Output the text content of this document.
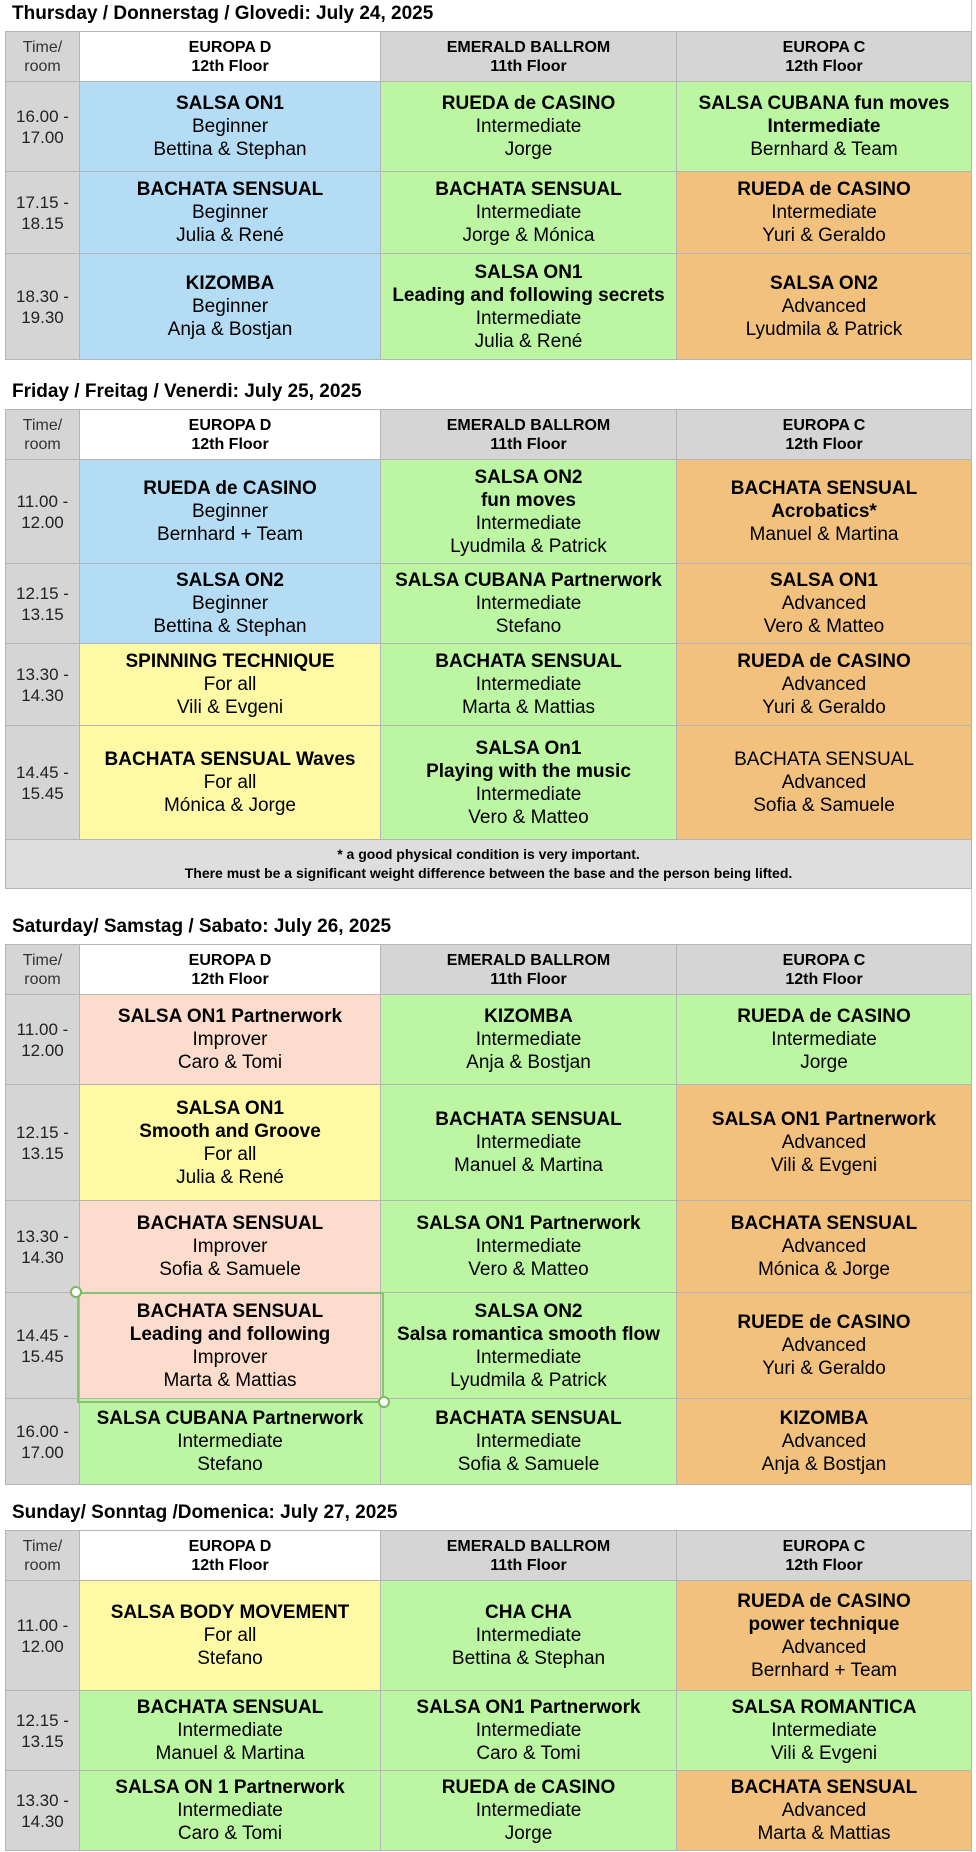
Thursday / Donnerstag / Glovedi: July 24, 2025
Time/
room	EUROPA D
12th Floor	EMERALD BALLROM
11th Floor	EUROPA C
12th Floor

16.00 -
17.00	SALSA ON1
Beginner
Bettina & Stephan	RUEDA de CASINO
Intermediate
Jorge	SALSA CUBANA fun moves
Intermediate
Bernhard & Team

17.15 -
18.15	BACHATA SENSUAL
Beginner
Julia & René	BACHATA SENSUAL
Intermediate
Jorge & Mónica	RUEDA de CASINO
Intermediate
Yuri & Geraldo

18.30 -
19.30	KIZOMBA
Beginner
Anja & Bostjan	SALSA ON1
Leading and following secrets
Intermediate
Julia & René	SALSA ON2
Advanced
Lyudmila & Patrick
Friday / Freitag / Venerdi: July 25, 2025
Time/
room	EUROPA D
12th Floor	EMERALD BALLROM
11th Floor	EUROPA C
12th Floor

11.00 -
12.00	RUEDA de CASINO
Beginner
Bernhard + Team	SALSA ON2
fun moves
Intermediate
Lyudmila & Patrick	BACHATA SENSUAL
Acrobatics*
Manuel & Martina

12.15 -
13.15	SALSA ON2
Beginner
Bettina & Stephan	SALSA CUBANA Partnerwork
Intermediate
Stefano	SALSA ON1
Advanced
Vero & Matteo

13.30 -
14.30	SPINNING TECHNIQUE
For all
Vili & Evgeni	BACHATA SENSUAL
Intermediate
Marta & Mattias	RUEDA de CASINO
Advanced
Yuri & Geraldo

14.45 -
15.45	BACHATA SENSUAL Waves
For all
Mónica & Jorge	SALSA On1
Playing with the music
Intermediate
Vero & Matteo	BACHATA SENSUAL
Advanced
Sofia & Samuele

* a good physical condition is very important.
There must be a significant weight difference between the base and the person being lifted.			
Saturday/ Samstag / Sabato: July 26, 2025
Time/
room	EUROPA D
12th Floor	EMERALD BALLROM
11th Floor	EUROPA C
12th Floor

11.00 -
12.00	SALSA ON1 Partnerwork
Improver
Caro & Tomi	KIZOMBA
Intermediate
Anja & Bostjan	RUEDA de CASINO
Intermediate
Jorge

12.15 -
13.15	SALSA ON1
Smooth and Groove
For all
Julia & René	BACHATA SENSUAL
Intermediate
Manuel & Martina	SALSA ON1 Partnerwork
Advanced
Vili & Evgeni

13.30 -
14.30	BACHATA SENSUAL
Improver
Sofia & Samuele	SALSA ON1 Partnerwork
Intermediate
Vero & Matteo	BACHATA SENSUAL
Advanced
Mónica & Jorge

14.45 -
15.45	BACHATA SENSUAL
Leading and following
Improver
Marta & Mattias	SALSA ON2
Salsa romantica smooth flow
Intermediate
Lyudmila & Patrick	RUEDE de CASINO
Advanced
Yuri & Geraldo

16.00 -
17.00	SALSA CUBANA Partnerwork
Intermediate
Stefano	BACHATA SENSUAL
Intermediate
Sofia & Samuele	KIZOMBA
Advanced
Anja & Bostjan
Sunday/ Sonntag /Domenica: July 27, 2025
Time/
room	EUROPA D
12th Floor	EMERALD BALLROM
11th Floor	EUROPA C
12th Floor

11.00 -
12.00	SALSA BODY MOVEMENT
For all
Stefano	CHA CHA
Intermediate
Bettina & Stephan	RUEDA de CASINO
power technique
Advanced
Bernhard + Team

12.15 -
13.15	BACHATA SENSUAL
Intermediate
Manuel & Martina	SALSA ON1 Partnerwork
Intermediate
Caro & Tomi	SALSA ROMANTICA
Intermediate
Vili & Evgeni

13.30 -
14.30	SALSA ON 1 Partnerwork
Intermediate
Caro & Tomi	RUEDA de CASINO
Intermediate
Jorge	BACHATA SENSUAL
Advanced
Marta & Mattias
